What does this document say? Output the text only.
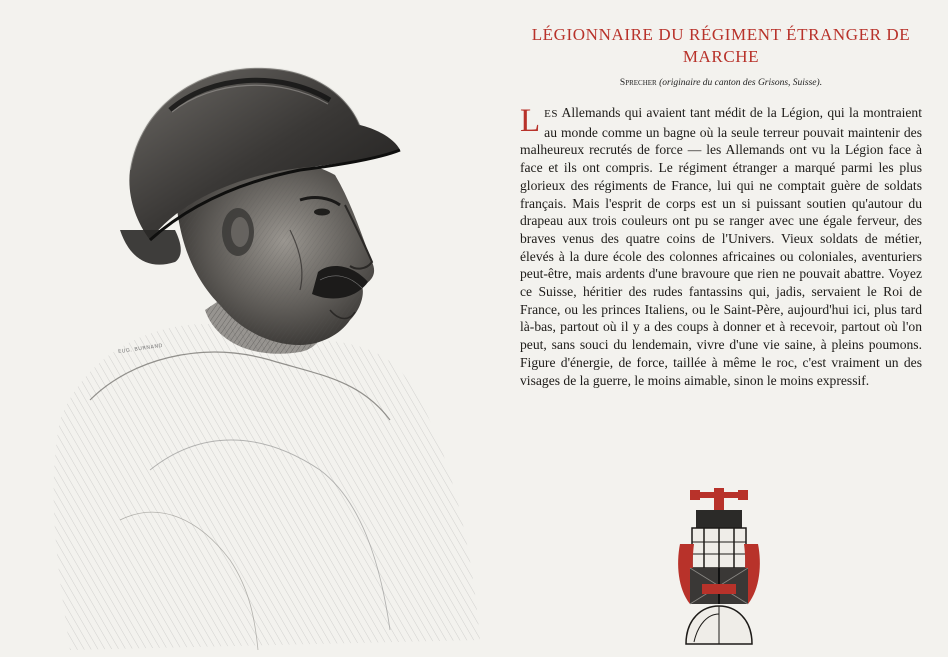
EUG. BURNAND
LÉGIONNAIRE DU RÉGIMENT ÉTRANGER DE MARCHE
Sprecher (originaire du canton des Grisons, Suisse).
LES Allemands qui avaient tant médit de la Légion, qui la montraient au monde comme un bagne où la seule terreur pouvait maintenir des malheureux recrutés de force — les Allemands ont vu la Légion face à face et ils ont compris. Le régiment étranger a marqué parmi les plus glorieux des régiments de France, lui qui ne comptait guère de soldats français. Mais l'esprit de corps est un si puissant soutien qu'autour du drapeau aux trois couleurs ont pu se ranger avec une égale ferveur, des braves venus des quatre coins de l'Univers. Vieux soldats de métier, élevés à la dure école des colonnes africaines ou coloniales, aventuriers peut-être, mais ardents d'une bravoure que rien ne pouvait abattre. Voyez ce Suisse, héritier des rudes fantassins qui, jadis, servaient le Roi de France, ou les princes Italiens, ou le Saint-Père, aujourd'hui ici, plus tard là-bas, partout où il y a des coups à donner et à recevoir, partout où l'on peut, sans souci du lendemain, vivre d'une vie saine, à pleins poumons. Figure d'énergie, de force, taillée à même le roc, c'est vraiment un des visages de la guerre, le moins aimable, sinon le moins expressif.
